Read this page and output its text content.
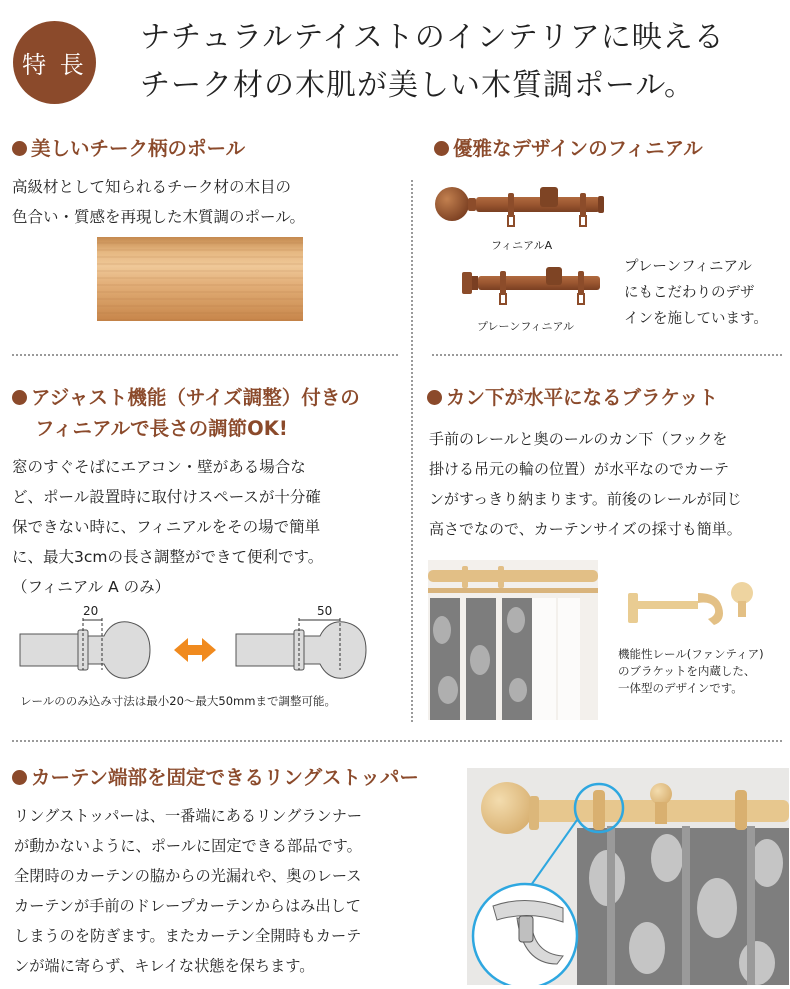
特 長
ナチュラルテイストのインテリアに映える
チーク材の木肌が美しい木質調ポール。
美しいチーク柄のポール
高級材として知られるチーク材の木目の
色合い・質感を再現した木質調のポール。
優雅なデザインのフィニアル
フィニアルA
プレーンフィニアル
プレーンフィニアル
にもこだわりのデザ
インを施しています。
アジャスト機能（サイズ調整）付きの
フィニアルで長さの調節OK!
窓のすぐそばにエアコン・壁がある場合な
ど、ポール設置時に取付けスペースが十分確
保できない時に、フィニアルをその場で簡単
に、最大3cmの長さ調整ができて便利です。
（フィニアル A のみ）
20	50
レールののみ込み寸法は最小20〜最大50mmまで調整可能。
カン下が水平になるブラケット
手前のレールと奥のールのカン下（フックを
掛ける吊元の輪の位置）が水平なのでカーテ
ンがすっきり納まります。前後のレールが同じ
高さでなので、カーテンサイズの採寸も簡単。
機能性レール(ファンティア)
のブラケットを内蔵した、
一体型のデザインです。
カーテン端部を固定できるリングストッパー
リングストッパーは、一番端にあるリングランナー
が動かないように、ポールに固定できる部品です。
全閉時のカーテンの脇からの光漏れや、奥のレース
カーテンが手前のドレープカーテンからはみ出して
しまうのを防ぎます。またカーテン全開時もカーテ
ンが端に寄らず、キレイな状態を保ちます。
